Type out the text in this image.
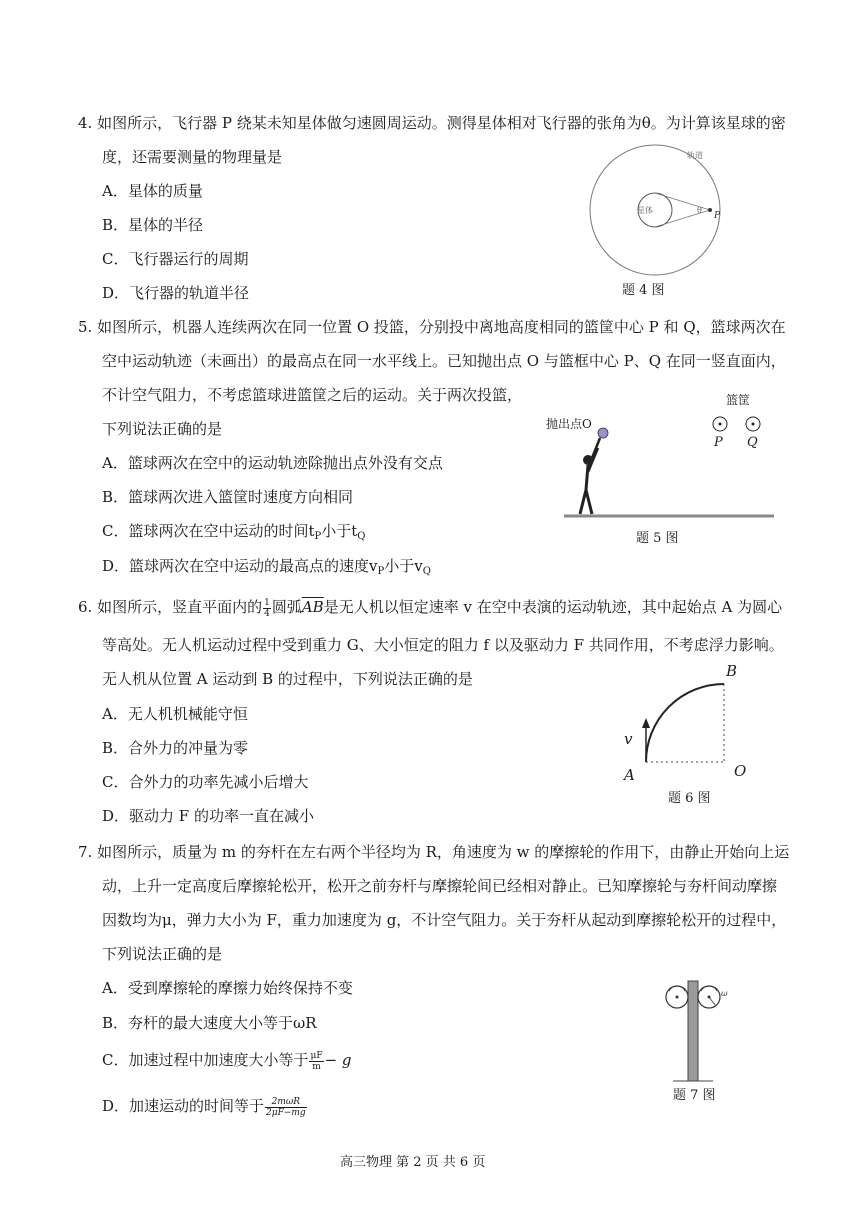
4. 如图所示，飞行器 P 绕某未知星体做匀速圆周运动。测得星体相对飞行器的张角为θ。为计算该星球的密
度，还需要测量的物理量是
A．星体的质量
B．星体的半径
C．飞行器运行的周期
D．飞行器的轨道半径
轨道
星体	θ
P
题 4 图
5. 如图所示，机器人连续两次在同一位置 O 投篮，分别投中离地高度相同的篮筐中心 P 和 Q，篮球两次在
空中运动轨迹（未画出）的最高点在同一水平线上。已知抛出点 O 与篮框中心 P、Q 在同一竖直面内，
不计空气阻力，不考虑篮球进篮筐之后的运动。关于两次投篮，
下列说法正确的是
A．篮球两次在空中的运动轨迹除抛出点外没有交点
B．篮球两次进入篮筐时速度方向相同
C．篮球两次在空中运动的时间$t_P$小于$t_Q$
D．篮球两次在空中运动的最高点的速度$v_P$小于$v_Q$
篮筐
P Q
抛出点O
题 5 图
6. 如图所示，竖直平面内的 $\frac{1}{4}$ 圆弧$\overline{AB}$是无人机以恒定速率 v 在空中表演的运动轨迹，其中起始点 A 为圆心
等高处。无人机运动过程中受到重力 G、大小恒定的阻力 f 以及驱动力 F 共同作用，不考虑浮力影响。
无人机从位置 A 运动到 B 的过程中，下列说法正确的是
A．无人机机械能守恒
B．合外力的冲量为零
C．合外力的功率先减小后增大
D．驱动力 F 的功率一直在减小
v
A
B
O
题 6 图
7. 如图所示，质量为 m 的夯杆在左右两个半径均为 R，角速度为 w 的摩擦轮的作用下，由静止开始向上运
动，上升一定高度后摩擦轮松开，松开之前夯杆与摩擦轮间已经相对静止。已知摩擦轮与夯杆间动摩擦
因数均为μ，弹力大小为 F，重力加速度为 g，不计空气阻力。关于夯杆从起动到摩擦轮松开的过程中，
下列说法正确的是
A．受到摩擦轮的摩擦力始终保持不变
B．夯杆的最大速度大小等于ωR
C．加速过程中加速度大小等于 $\frac{\mu F}{m} - g$
D．加速运动的时间等于 $\frac{\text{2mωR}}{2\mu F-mg}$
ω
题 7 图
高三物理 第 2 页 共 6 页
